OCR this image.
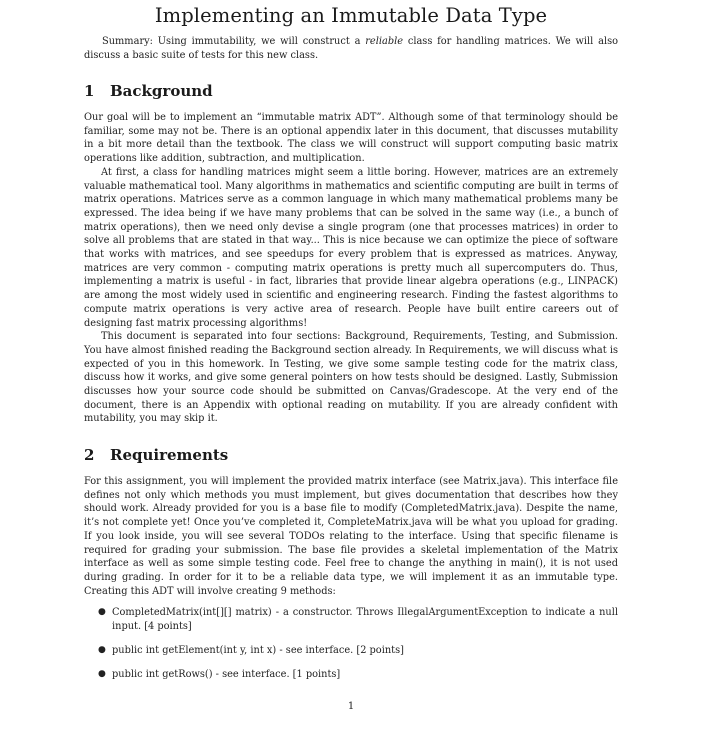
Implementing an Immutable Data Type
Summary: Using immutability, we will construct a reliable class for handling matrices. We will also discuss a basic suite of tests for this new class.
1 Background

Our goal will be to implement an “immutable matrix ADT”. Although some of that terminology should be familiar, some may not be. There is an optional appendix later in this document, that discusses mutability in a bit more detail than the textbook. The class we will construct will support computing basic matrix operations like addition, subtraction, and multiplication.

At first, a class for handling matrices might seem a little boring. However, matrices are an extremely valuable mathematical tool. Many algorithms in mathematics and scientific computing are built in terms of matrix operations. Matrices serve as a common language in which many mathematical problems many be expressed. The idea being if we have many problems that can be solved in the same way (i.e., a bunch of matrix operations), then we need only devise a single program (one that processes matrices) in order to solve all problems that are stated in that way... This is nice because we can optimize the piece of software that works with matrices, and see speedups for every problem that is expressed as matrices. Anyway, matrices are very common - computing matrix operations is pretty much all supercomputers do. Thus, implementing a matrix is useful - in fact, libraries that provide linear algebra operations (e.g., LINPACK) are among the most widely used in scientific and engineering research. Finding the fastest algorithms to compute matrix operations is very active area of research. People have built entire careers out of designing fast matrix processing algorithms!

This document is separated into four sections: Background, Requirements, Testing, and Submission. You have almost finished reading the Background section already. In Requirements, we will discuss what is expected of you in this homework. In Testing, we give some sample testing code for the matrix class, discuss how it works, and give some general pointers on how tests should be designed. Lastly, Submission discusses how your source code should be submitted on Canvas/Gradescope. At the very end of the document, there is an Appendix with optional reading on mutability. If you are already confident with mutability, you may skip it.

2 Requirements

For this assignment, you will implement the provided matrix interface (see Matrix.java). This interface file defines not only which methods you must implement, but gives documentation that describes how they should work. Already provided for you is a base file to modify (CompletedMatrix.java). Despite the name, it’s not complete yet! Once you’ve completed it, CompleteMatrix.java will be what you upload for grading. If you look inside, you will see several TODOs relating to the interface. Using that specific filename is required for grading your submission. The base file provides a skeletal implementation of the Matrix interface as well as some simple testing code. Feel free to change the anything in main(), it is not used during grading. In order for it to be a reliable data type, we will implement it as an immutable type. Creating this ADT will involve creating 9 methods:

● CompletedMatrix(int[][] matrix) - a constructor. Throws IllegalArgumentException to indicate a null input. [4 points]
● public int getElement(int y, int x) - see interface. [2 points]
● public int getRows() - see interface. [1 points]
1
